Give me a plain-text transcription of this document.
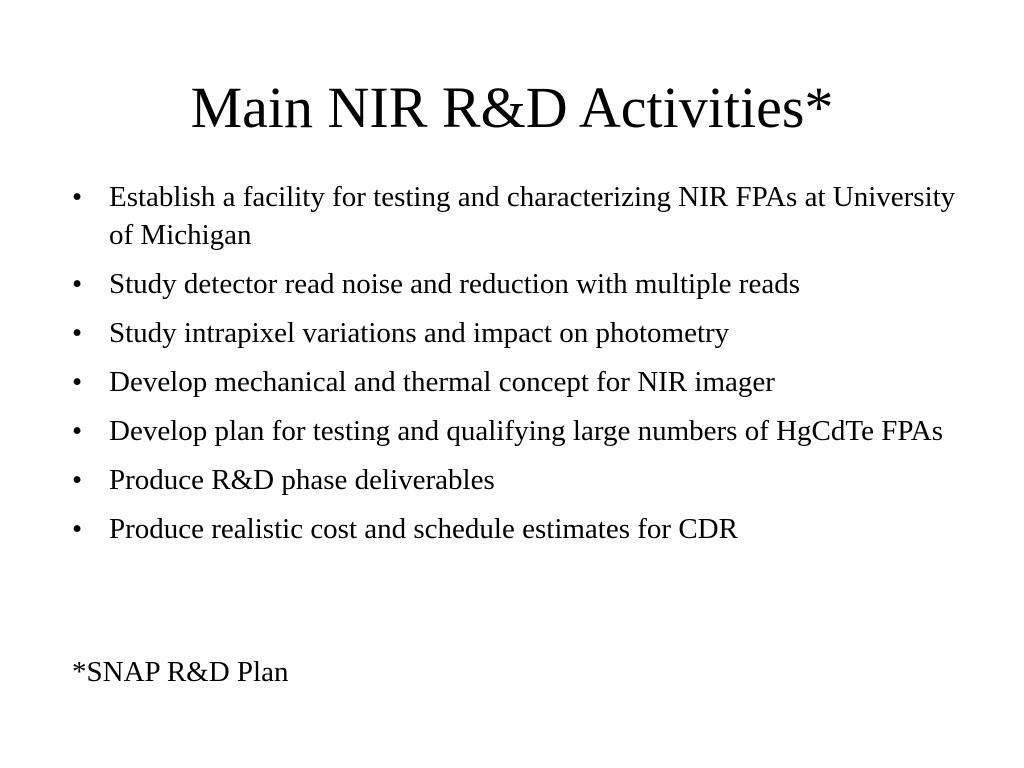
Main NIR R&D Activities*
• Establish a facility for testing and characterizing NIR FPAs at University of Michigan
• Study detector read noise and reduction with multiple reads
• Study intrapixel variations and impact on photometry
• Develop mechanical and thermal concept for NIR imager
• Develop plan for testing and qualifying large numbers of HgCdTe FPAs
• Produce R&D phase deliverables
• Produce realistic cost and schedule estimates for CDR

*SNAP R&D Plan
